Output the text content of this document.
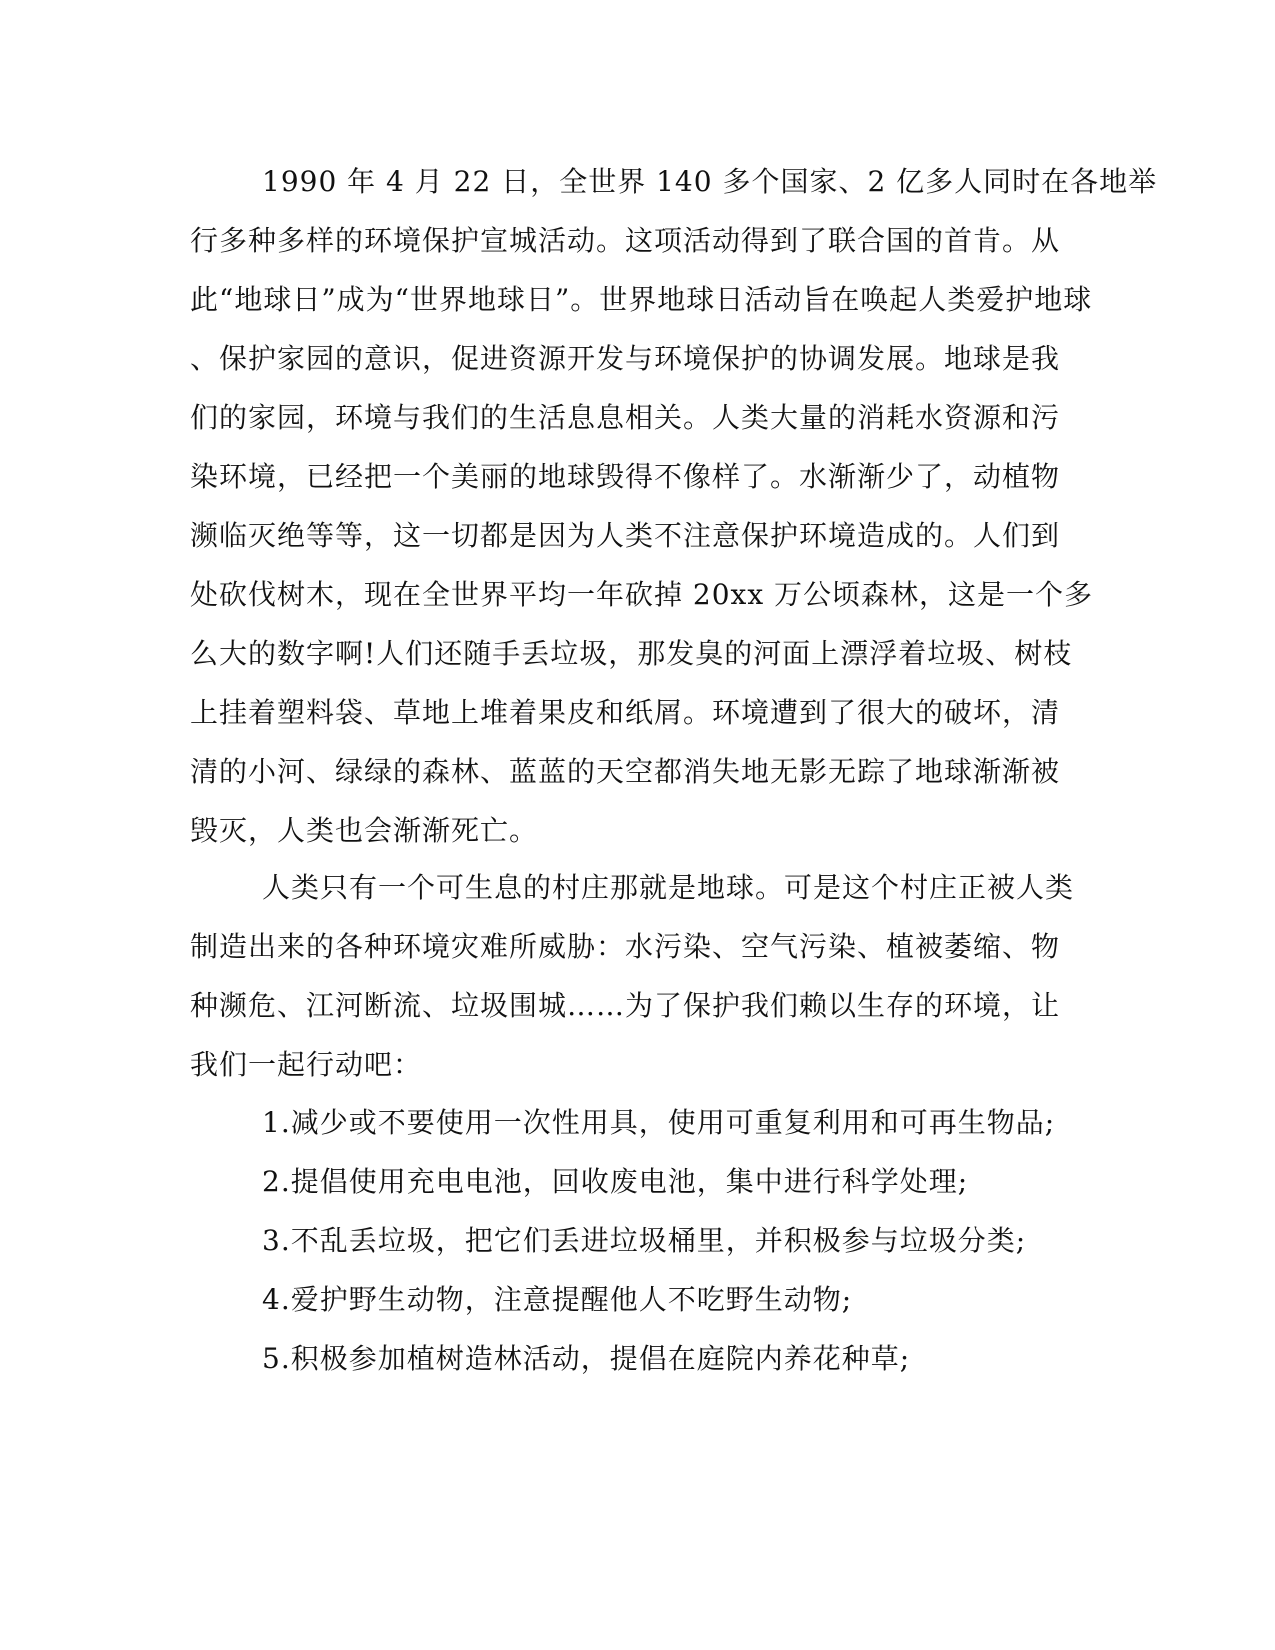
1990 年 4 月 22 日，全世界 140 多个国家、2 亿多人同时在各地举
行多种多样的环境保护宣城活动。这项活动得到了联合国的首肯。从
此“地球日”成为“世界地球日”。世界地球日活动旨在唤起人类爱护地球
、保护家园的意识，促进资源开发与环境保护的协调发展。地球是我
们的家园，环境与我们的生活息息相关。人类大量的消耗水资源和污
染环境，已经把一个美丽的地球毁得不像样了。水渐渐少了，动植物
濒临灭绝等等，这一切都是因为人类不注意保护环境造成的。人们到
处砍伐树木，现在全世界平均一年砍掉 20xx 万公顷森林，这是一个多
么大的数字啊!人们还随手丢垃圾，那发臭的河面上漂浮着垃圾、树枝
上挂着塑料袋、草地上堆着果皮和纸屑。环境遭到了很大的破坏，清
清的小河、绿绿的森林、蓝蓝的天空都消失地无影无踪了地球渐渐被
毁灭，人类也会渐渐死亡。
人类只有一个可生息的村庄那就是地球。可是这个村庄正被人类
制造出来的各种环境灾难所威胁：水污染、空气污染、植被萎缩、物
种濒危、江河断流、垃圾围城……为了保护我们赖以生存的环境，让
我们一起行动吧：
1.减少或不要使用一次性用具，使用可重复利用和可再生物品;
2.提倡使用充电电池，回收废电池，集中进行科学处理;
3.不乱丢垃圾，把它们丢进垃圾桶里，并积极参与垃圾分类;
4.爱护野生动物，注意提醒他人不吃野生动物;
5.积极参加植树造林活动，提倡在庭院内养花种草;
